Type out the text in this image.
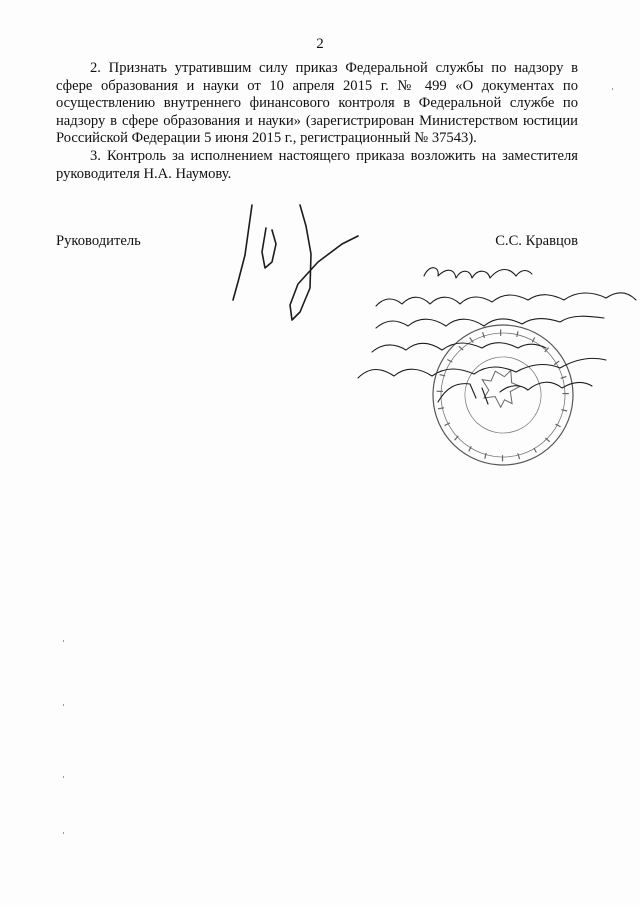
2

2. Признать утратившим силу приказ Федеральной службы по надзору в сфере образования и науки от 10 апреля 2015 г. № 499 «О документах по осуществлению внутреннего финансового контроля в Федеральной службе по надзору в сфере образования и науки» (зарегистрирован Министерством юстиции Российской Федерации 5 июня 2015 г., регистрационный № 37543).

3. Контроль за исполнением настоящего приказа возложить на заместителя руководителя Н.А. Наумову.

Руководитель	С.С. Кравцов
